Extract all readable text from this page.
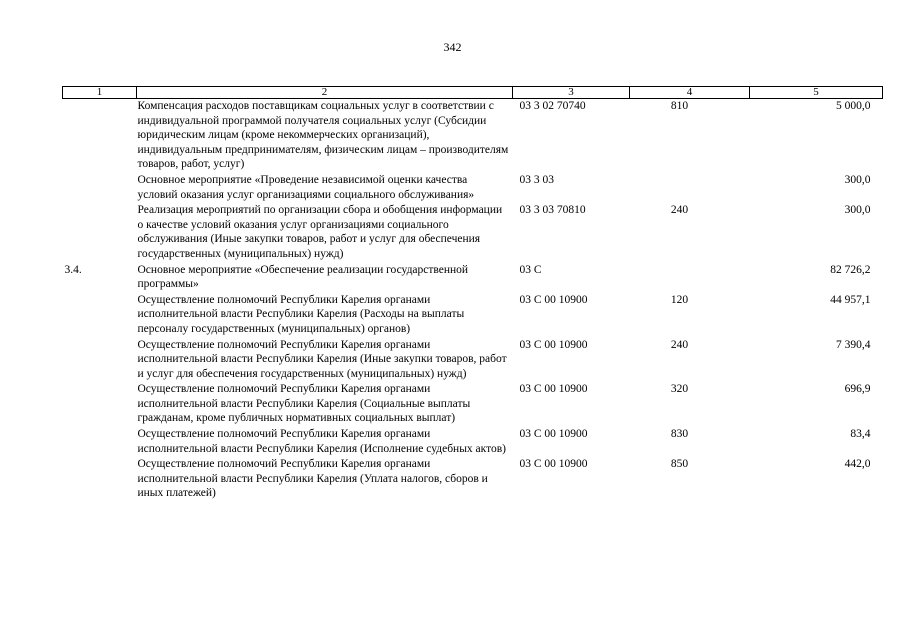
342
1	2	3	4	5
	Компенсация расходов поставщикам социальных услуг в соответствии с индивидуальной программой получателя социальных услуг (Субсидии юридическим лицам (кроме некоммерческих организаций), индивидуальным предпринимателям, физическим лицам – производителям товаров, работ, услуг)	03 3 02 70740	810	5 000,0
	Основное мероприятие «Проведение независимой оценки качества условий оказания услуг организациями социального обслуживания»	03 3 03		300,0
	Реализация мероприятий по организации сбора и обобщения информации о качестве условий оказания услуг организациями социального обслуживания (Иные закупки товаров, работ и услуг для обеспечения государственных (муниципальных) нужд)	03 3 03 70810	240	300,0
3.4.	Основное мероприятие «Обеспечение реализации государственной программы»	03 С		82 726,2
	Осуществление полномочий Республики Карелия органами исполнительной власти Республики Карелия (Расходы на выплаты персоналу государственных (муниципальных) органов)	03 С 00 10900	120	44 957,1
	Осуществление полномочий Республики Карелия органами исполнительной власти Республики Карелия (Иные закупки товаров, работ и услуг для обеспечения государственных (муниципальных) нужд)	03 С 00 10900	240	7 390,4
	Осуществление полномочий Республики Карелия органами исполнительной власти Республики Карелия (Социальные выплаты гражданам, кроме публичных нормативных социальных выплат)	03 С 00 10900	320	696,9
	Осуществление полномочий Республики Карелия органами исполнительной власти Республики Карелия (Исполнение судебных актов)	03 С 00 10900	830	83,4
	Осуществление полномочий Республики Карелия органами исполнительной власти Республики Карелия (Уплата налогов, сборов и иных платежей)	03 С 00 10900	850	442,0
